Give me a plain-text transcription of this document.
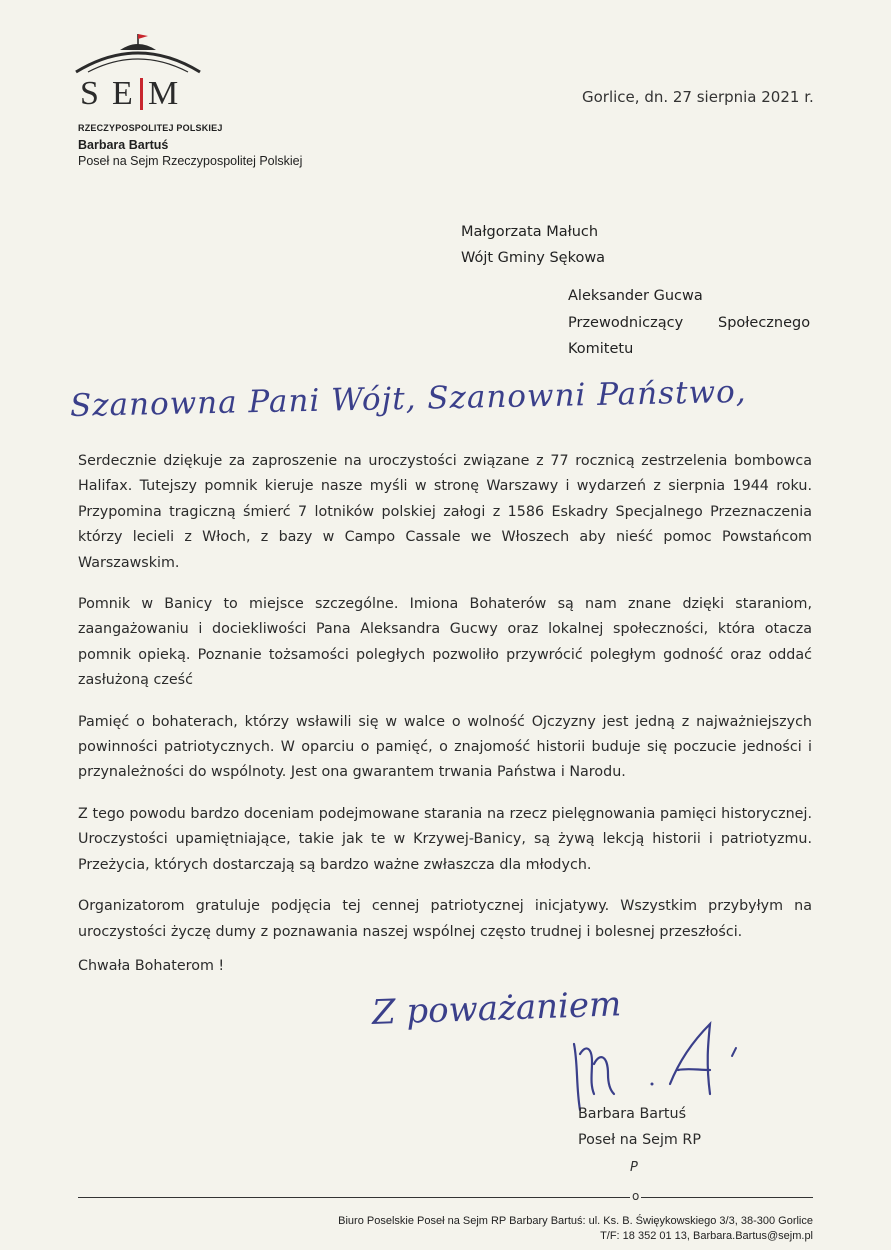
S E M
RZECZYPOSPOLITEJ POLSKIEJ
Barbara Bartuś
Poseł na Sejm Rzeczypospolitej Polskiej
Gorlice, dn. 27 sierpnia 2021 r.
Małgorzata Małuch
Wójt Gminy Sękowa
Aleksander Gucwa
Przewodniczący Społecznego
Komitetu
Szanowna Pani Wójt, Szanowni Państwo,

Serdecznie dziękuje za zaproszenie na uroczystości związane z 77 rocznicą zestrzelenia bombowca Halifax. Tutejszy pomnik kieruje nasze myśli w stronę Warszawy i wydarzeń z sierpnia 1944 roku. Przypomina tragiczną śmierć 7 lotników polskiej załogi z 1586 Eskadry Specjalnego Przeznaczenia którzy lecieli z Włoch, z bazy w Campo Cassale we Włoszech aby nieść pomoc Powstańcom Warszawskim.

Pomnik w Banicy to miejsce szczególne. Imiona Bohaterów są nam znane dzięki staraniom, zaangażowaniu i dociekliwości Pana Aleksandra Gucwy oraz lokalnej społeczności, która otacza pomnik opieką. Poznanie tożsamości poległych pozwoliło przywrócić poległym godność oraz oddać zasłużoną cześć

Pamięć o bohaterach, którzy wsławili się w walce o wolność Ojczyzny jest jedną z najważniejszych powinności patriotycznych. W oparciu o pamięć, o znajomość historii buduje się poczucie jedności i przynależności do wspólnoty. Jest ona gwarantem trwania Państwa i Narodu.

Z tego powodu bardzo doceniam podejmowane starania na rzecz pielęgnowania pamięci historycznej. Uroczystości upamiętniające, takie jak te w Krzywej-Banicy, są żywą lekcją historii i patriotyzmu. Przeżycia, których dostarczają są bardzo ważne zwłaszcza dla młodych.

Organizatorom gratuluje podjęcia tej cennej patriotycznej inicjatywy. Wszystkim przybyłym na uroczystości życzę dumy z poznawania naszej wspólnej często trudnej i bolesnej przeszłości.

Chwała Bohaterom !
Z poważaniem
Barbara Bartuś
Poseł na Sejm RP
P
o
Biuro Poselskie Poseł na Sejm RP Barbary Bartuś: ul. Ks. B. Święykowskiego 3/3, 38-300 Gorlice
T/F: 18 352 01 13, Barbara.Bartus@sejm.pl
